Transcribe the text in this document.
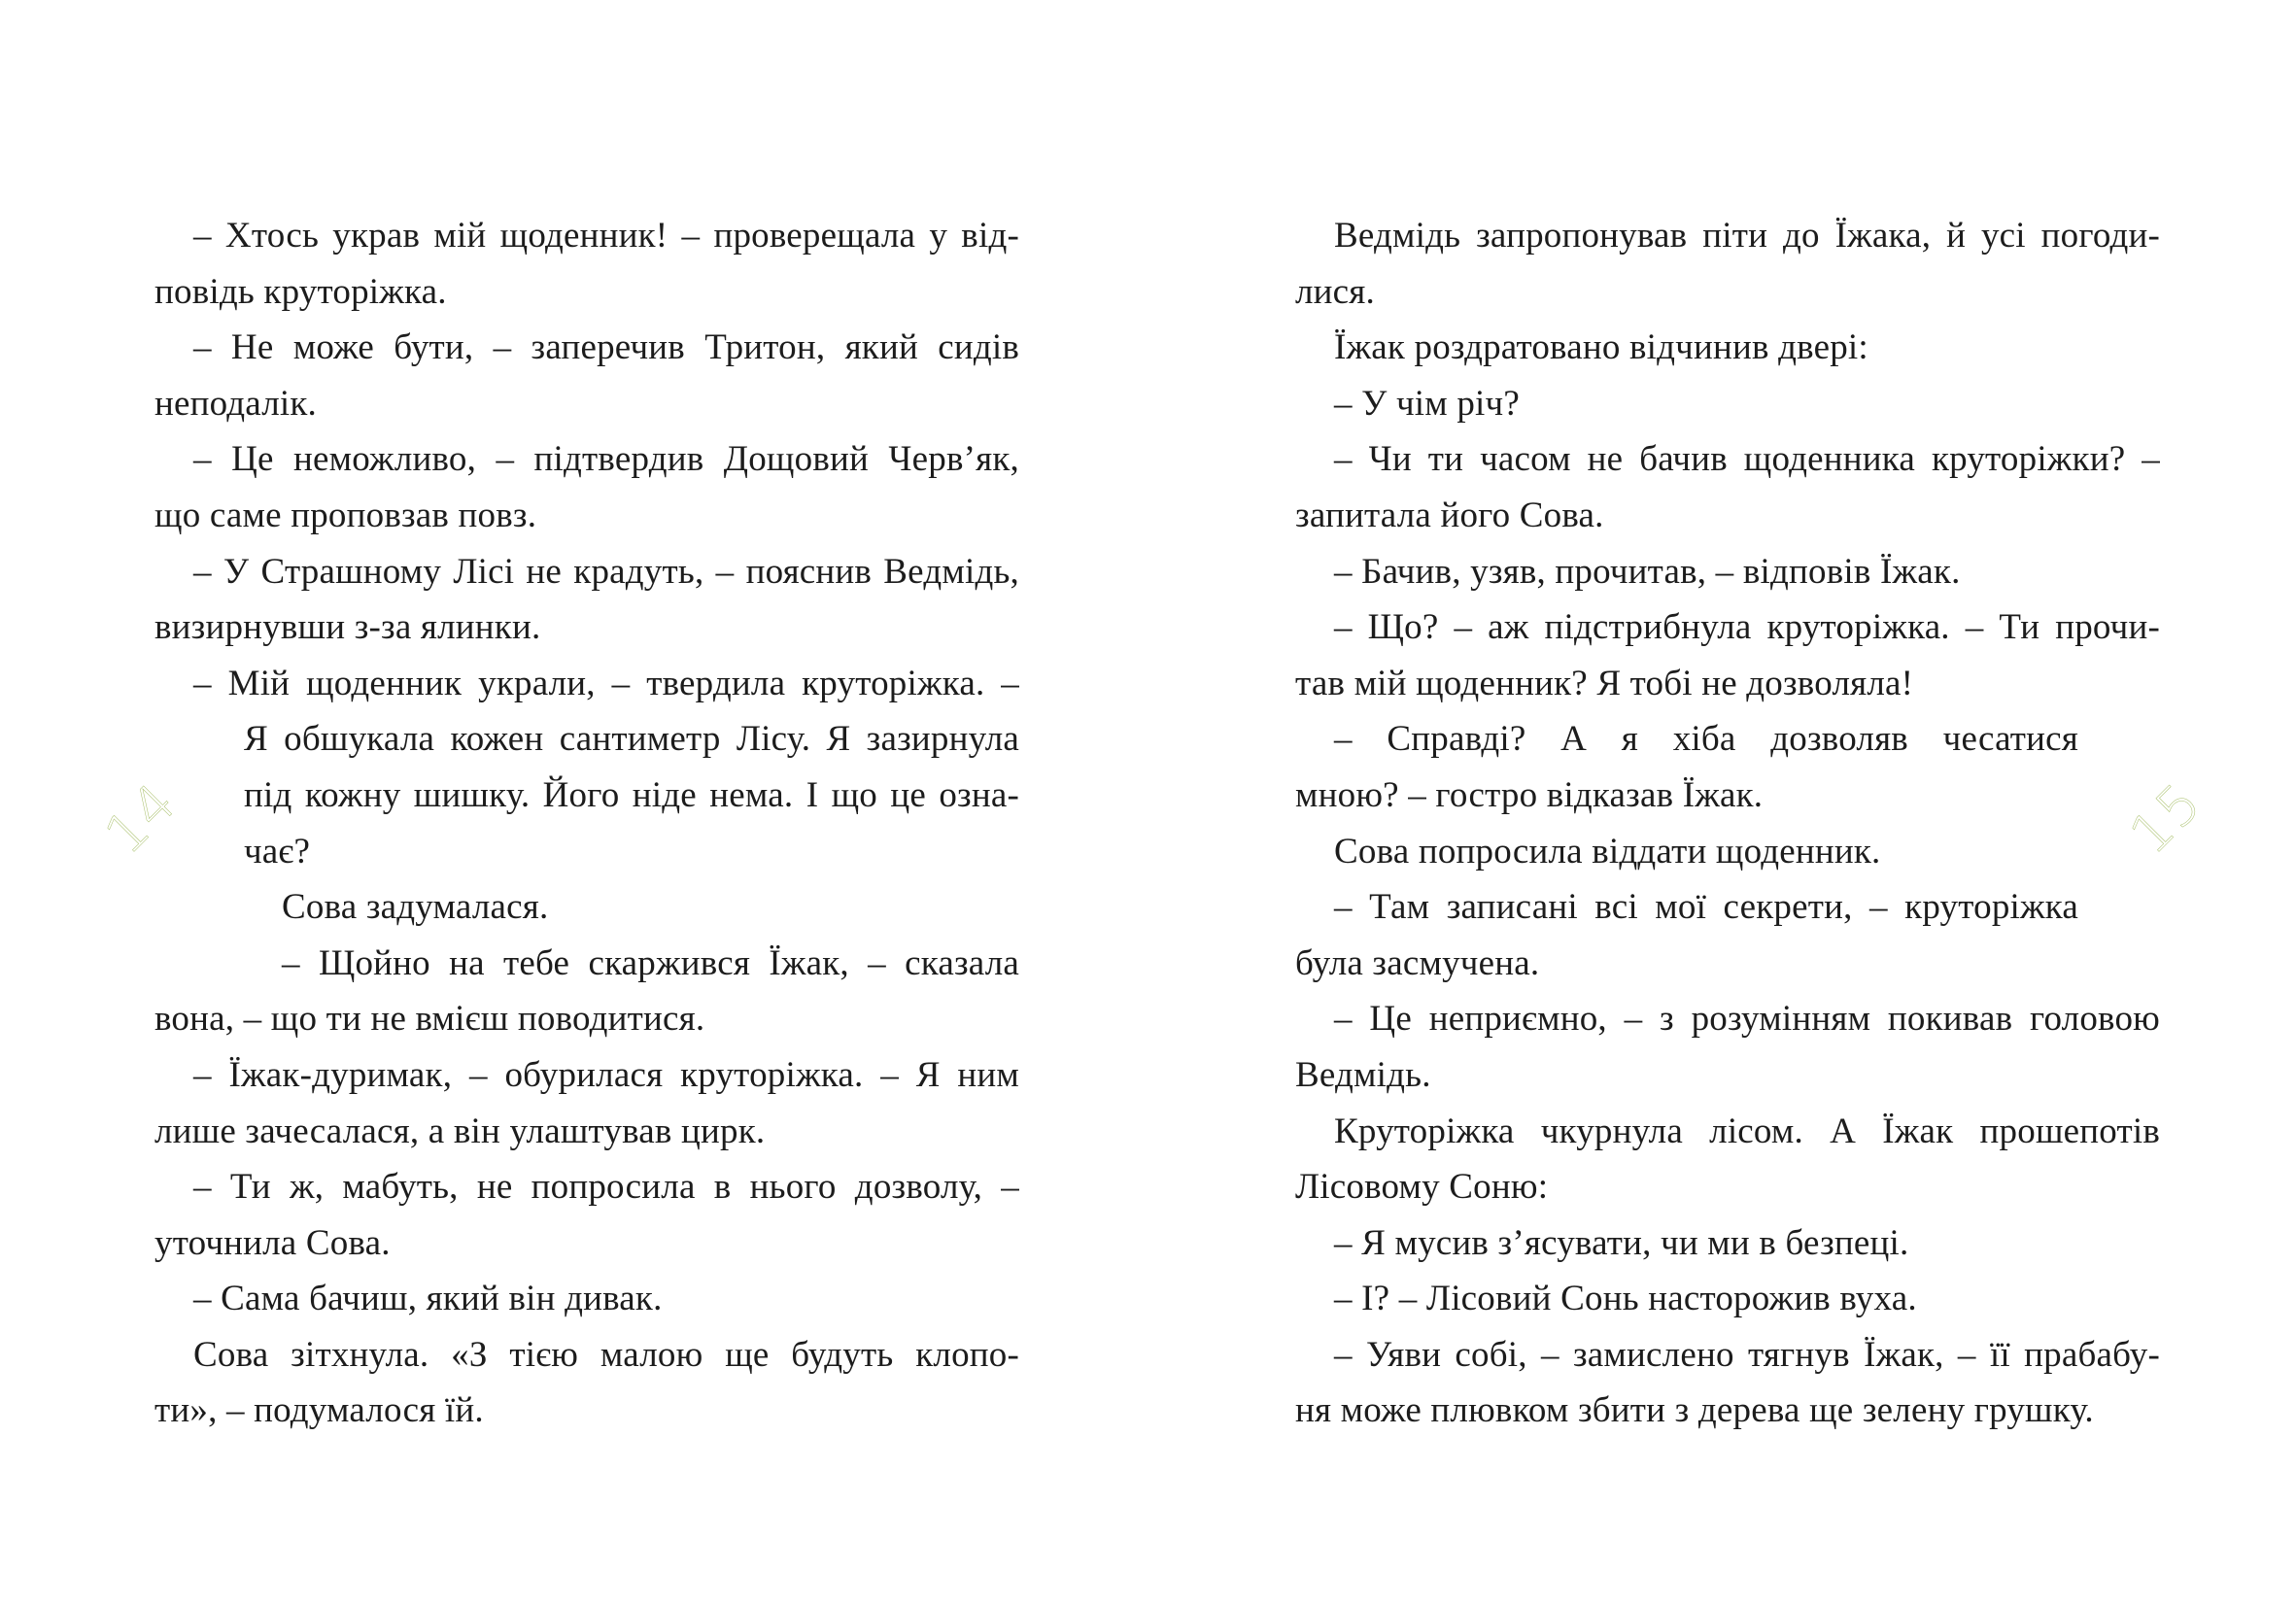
14
– Хтось украв мій щоденник! – проверещала у від-
повідь круторіжка.
– Не може бути, – заперечив Тритон, який сидів
неподалік.
– Це неможливо, – підтвердив Дощовий Черв’як,
що саме проповзав повз.
– У Страшному Лісі не крадуть, – пояснив Ведмідь,
визирнувши з-за ялинки.
– Мій щоденник украли, – твердила круторіжка. –
Я обшукала кожен сантиметр Лісу. Я зазирнула
під кожну шишку. Його ніде нема. І що це озна-
чає?
Сова задумалася.
– Щойно на тебе скаржився Їжак, – сказала
вона, – що ти не вмієш поводитися.
– Їжак-дуримак, – обурилася круторіжка. – Я ним
лише зачесалася, а він улаштував цирк.
– Ти ж, мабуть, не попросила в нього дозволу, –
уточнила Сова.
– Сама бачиш, який він дивак.
Сова зітхнула. «З тією малою ще будуть клопо-
ти», – подумалося їй.
Ведмідь запропонував піти до Їжака, й усі погоди-
лися.
Їжак роздратовано відчинив двері:
– У чім річ?
– Чи ти часом не бачив щоденника круторіжки? –
запитала його Сова.
– Бачив, узяв, прочитав, – відповів Їжак.
– Що? – аж підстрибнула круторіжка. – Ти прочи-
тав мій щоденник? Я тобі не дозволяла!
– Справді? А я хіба дозволяв чесатися
мною? – гостро відказав Їжак.
Сова попросила віддати щоденник.
– Там записані всі мої секрети, – круторіжка
була засмучена.
– Це неприємно, – з розумінням покивав головою
Ведмідь.
Круторіжка чкурнула лісом. А Їжак прошепотів
Лісовому Соню:
– Я мусив з’ясувати, чи ми в безпеці.
– І? – Лісовий Сонь насторожив вуха.
– Уяви собі, – замислено тягнув Їжак, – її прабабу-
ня може плювком збити з дерева ще зелену грушку.
15
